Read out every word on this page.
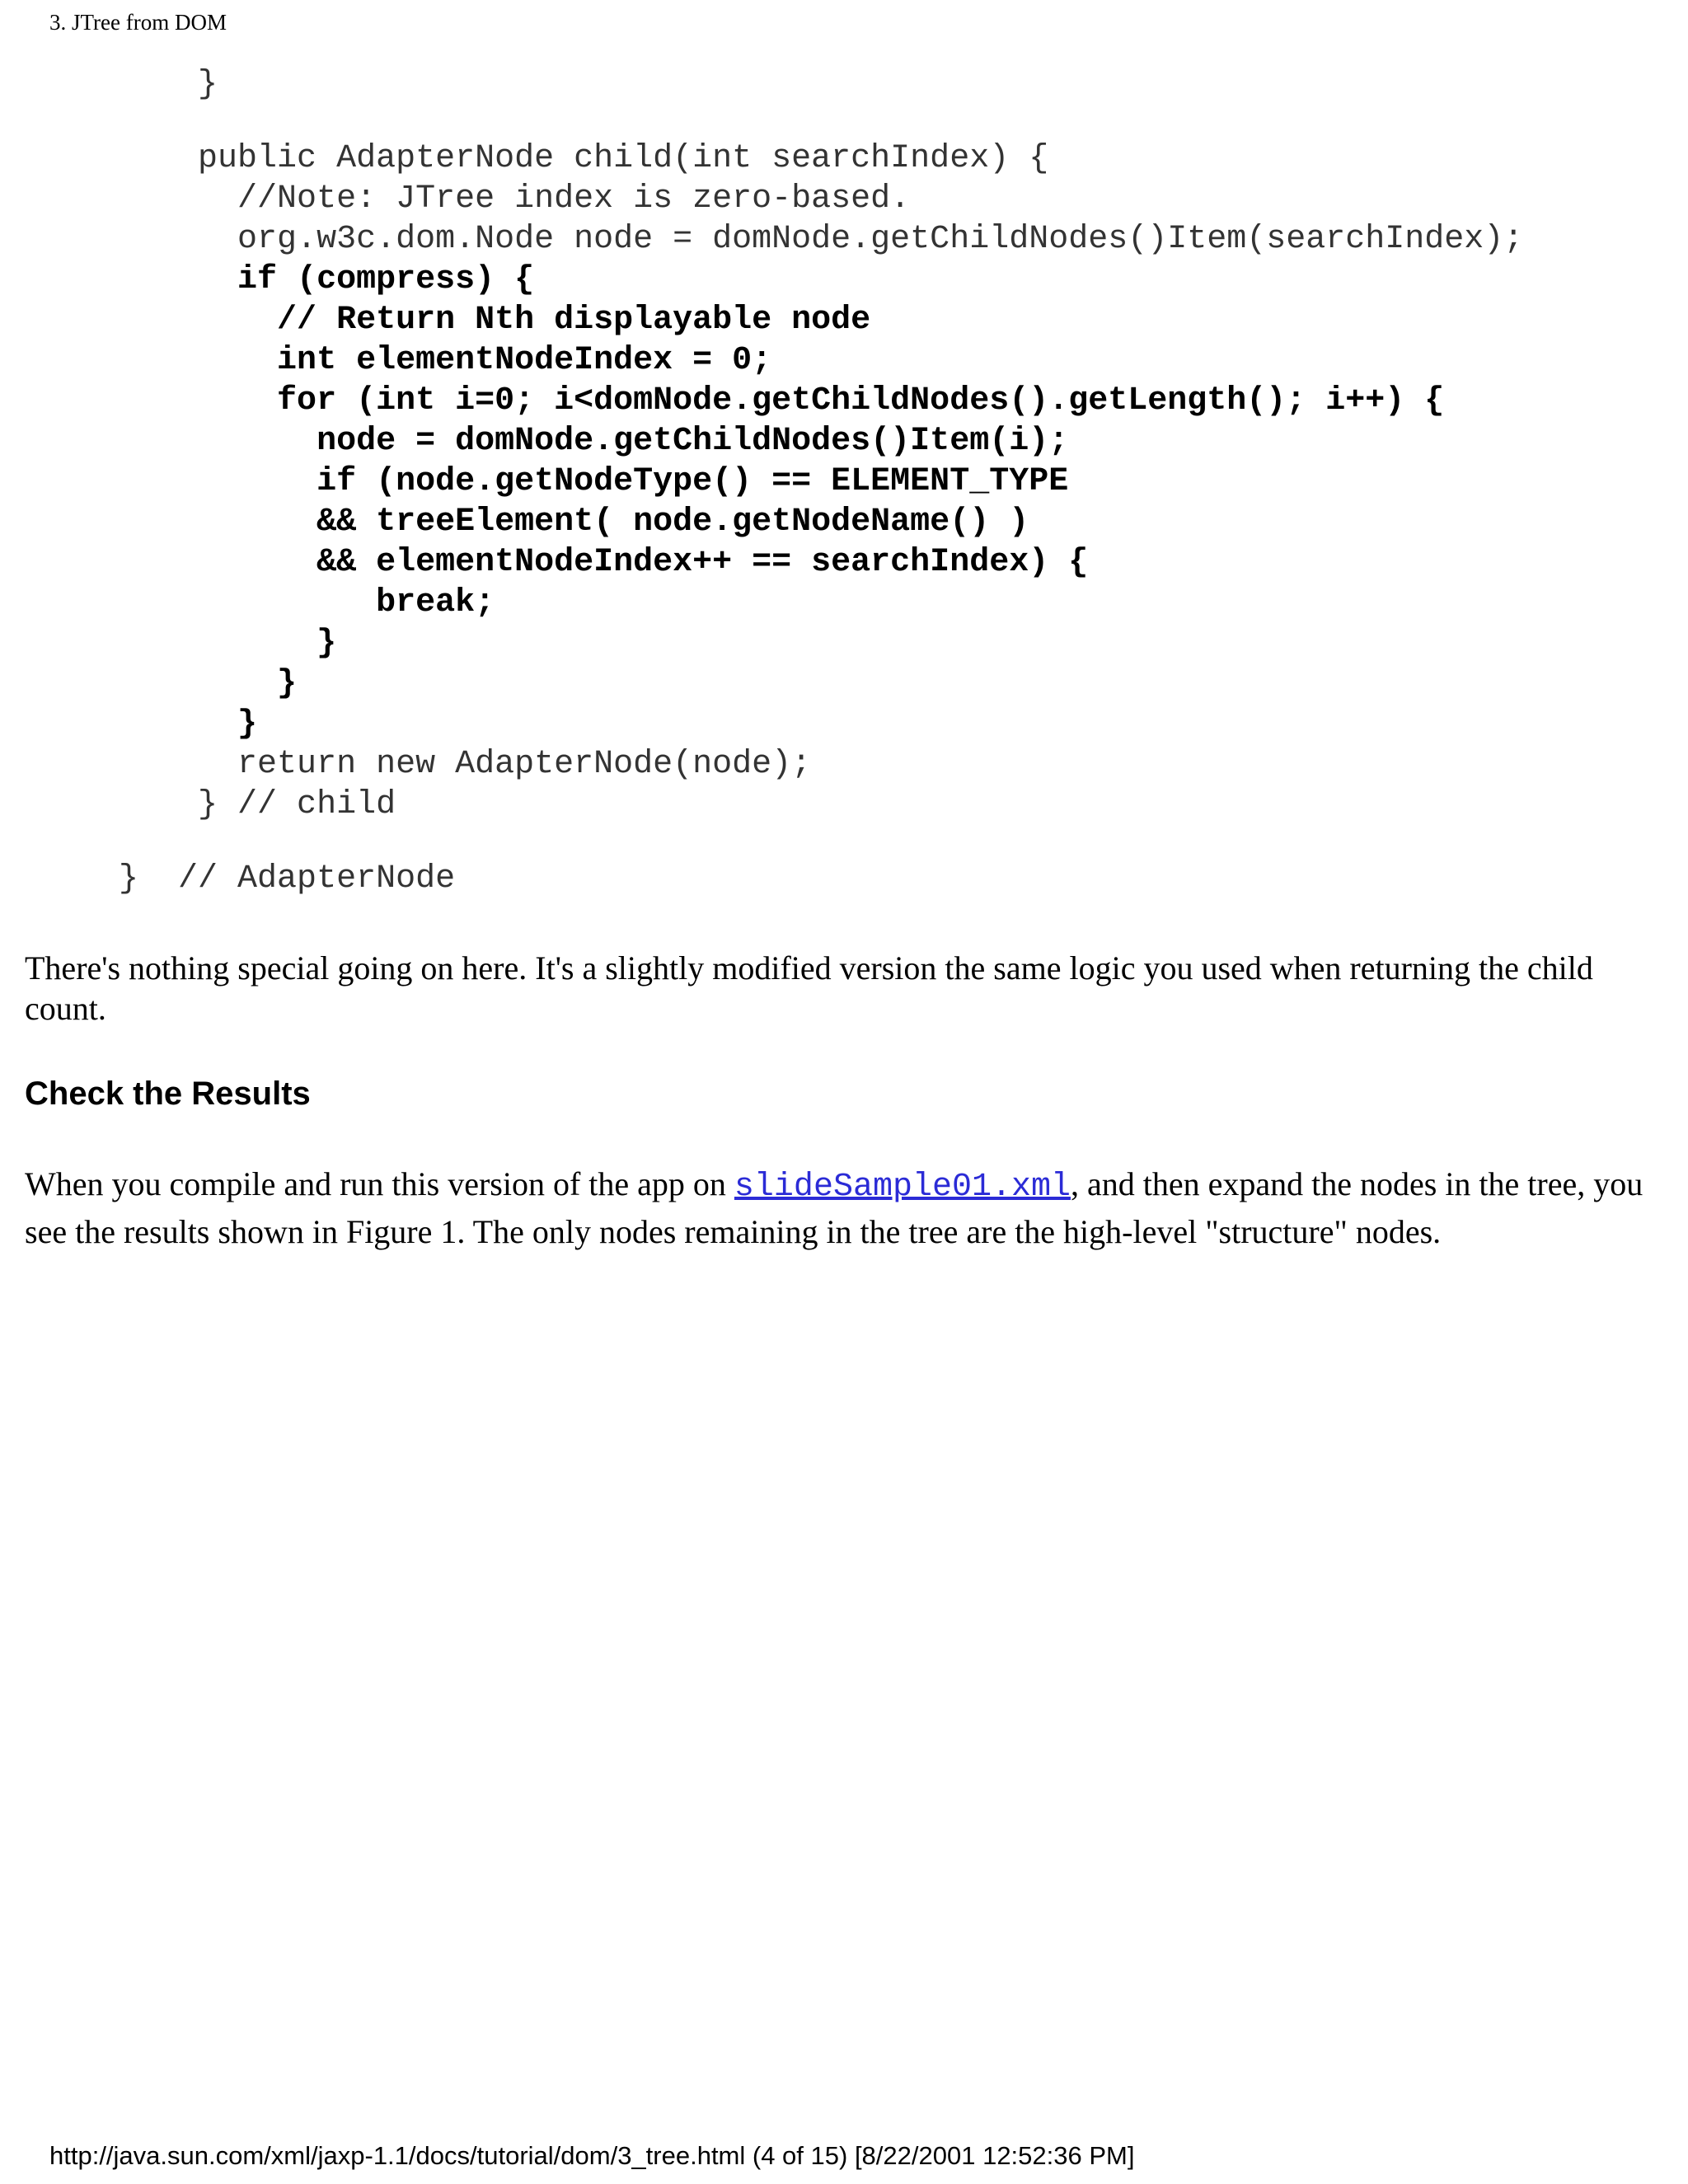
3. JTree from DOM
}
public AdapterNode child(int searchIndex) {
//Note: JTree index is zero-based.
org.w3c.dom.Node node = domNode.getChildNodes()Item(searchIndex);
if (compress) {
// Return Nth displayable node
int elementNodeIndex = 0;
for (int i=0; i<domNode.getChildNodes().getLength(); i++) {
node = domNode.getChildNodes()Item(i);
if (node.getNodeType() == ELEMENT_TYPE
&& treeElement( node.getNodeName() )
&& elementNodeIndex++ == searchIndex) {
break;
}
}
}
return new AdapterNode(node);
} // child
}  // AdapterNode

There's nothing special going on here. It's a slightly modified version the same logic you used when returning the child count.

Check the Results

When you compile and run this version of the app on slideSample01.xml, and then expand the nodes in the tree, you see the results shown in Figure 1. The only nodes remaining in the tree are the high-level "structure" nodes.

http://java.sun.com/xml/jaxp-1.1/docs/tutorial/dom/3_tree.html (4 of 15) [8/22/2001 12:52:36 PM]
